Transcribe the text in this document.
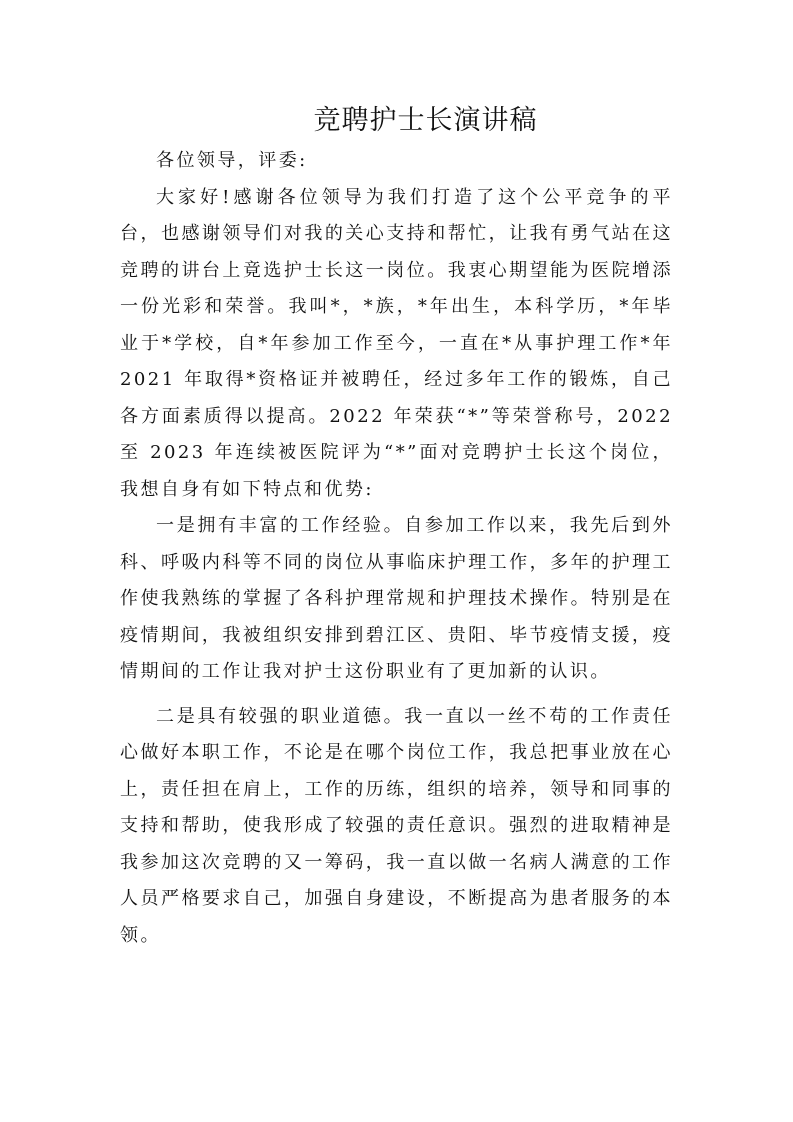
竞聘护士长演讲稿

各位领导，评委:

大家好!感谢各位领导为我们打造了这个公平竞争的平台，也感谢领导们对我的关心支持和帮忙，让我有勇气站在这竞聘的讲台上竟选护士长这一岗位。我衷心期望能为医院增添一份光彩和荣誉。我叫*，*族，*年出生，本科学历，*年毕业于*学校，自*年参加工作至今，一直在*从事护理工作*年 2021 年取得*资格证并被聘任，经过多年工作的锻炼，自己各方面素质得以提高。2022 年荣获“*”等荣誉称号，2022至 2023 年连续被医院评为“*”面对竞聘护士长这个岗位，我想自身有如下特点和优势:

一是拥有丰富的工作经验。自参加工作以来，我先后到外科、呼吸内科等不同的岗位从事临床护理工作，多年的护理工作使我熟练的掌握了各科护理常规和护理技术操作。特别是在疫情期间，我被组织安排到碧江区、贵阳、毕节疫情支援，疫情期间的工作让我对护士这份职业有了更加新的认识。

二是具有较强的职业道德。我一直以一丝不苟的工作责任心做好本职工作，不论是在哪个岗位工作，我总把事业放在心上，责任担在肩上，工作的历练，组织的培养，领导和同事的支持和帮助，使我形成了较强的责任意识。强烈的进取精神是我参加这次竞聘的又一筹码，我一直以做一名病人满意的工作人员严格要求自己，加强自身建设，不断提高为患者服务的本领。
